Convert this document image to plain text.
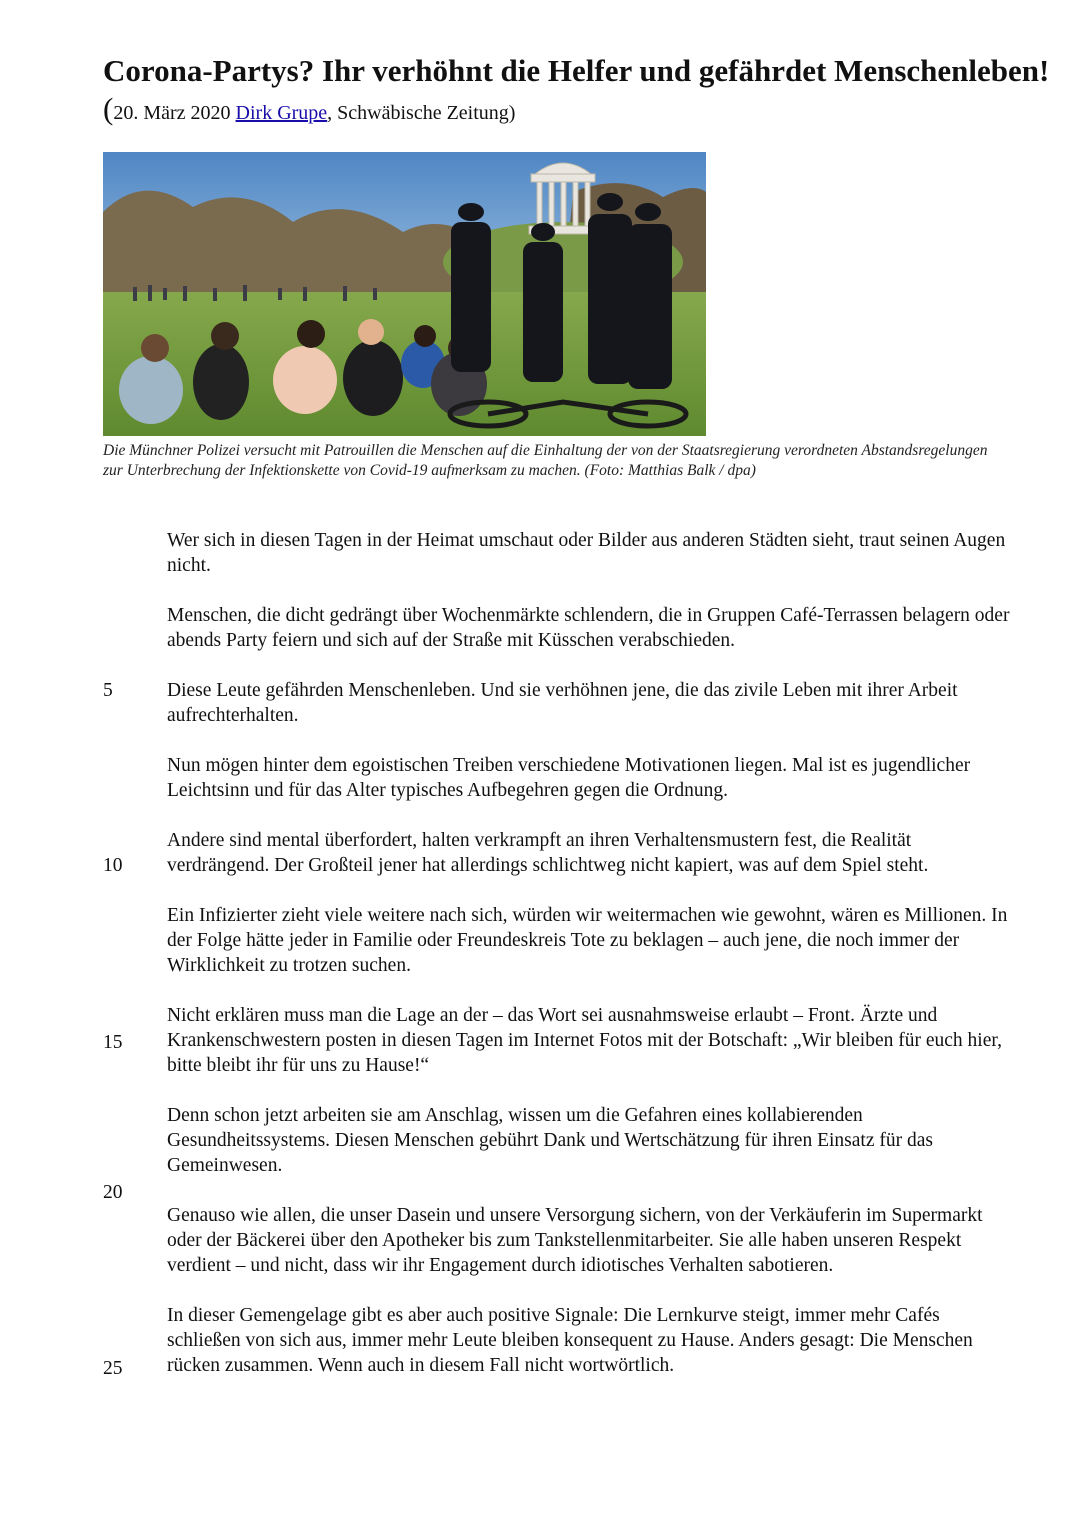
Corona-Partys? Ihr verhöhnt die Helfer und gefährdet Menschenleben! (20. März 2020 Dirk Grupe, Schwäbische Zeitung)
Die Münchner Polizei versucht mit Patrouillen die Menschen auf die Einhaltung der von der Staatsregierung verordneten Abstandsregelungen zur Unterbrechung der Infektionskette von Covid-19 aufmerksam zu machen. (Foto: Matthias Balk / dpa)

Wer sich in diesen Tagen in der Heimat umschaut oder Bilder aus anderen Städten sieht, traut seinen Augen nicht.

Menschen, die dicht gedrängt über Wochenmärkte schlendern, die in Gruppen Café-Terrassen belagern oder abends Party feiern und sich auf der Straße mit Küsschen verabschieden.

Diese Leute gefährden Menschenleben. Und sie verhöhnen jene, die das zivile Leben mit ihrer Arbeit aufrechterhalten.

Nun mögen hinter dem egoistischen Treiben verschiedene Motivationen liegen. Mal ist es jugendlicher Leichtsinn und für das Alter typisches Aufbegehren gegen die Ordnung.

Andere sind mental überfordert, halten verkrampft an ihren Verhaltensmustern fest, die Realität verdrängend. Der Großteil jener hat allerdings schlichtweg nicht kapiert, was auf dem Spiel steht.

Ein Infizierter zieht viele weitere nach sich, würden wir weitermachen wie gewohnt, wären es Millionen. In der Folge hätte jeder in Familie oder Freundeskreis Tote zu beklagen – auch jene, die noch immer der Wirklichkeit zu trotzen suchen.

Nicht erklären muss man die Lage an der – das Wort sei ausnahmsweise erlaubt – Front. Ärzte und Krankenschwestern posten in diesen Tagen im Internet Fotos mit der Botschaft: „Wir bleiben für euch hier, bitte bleibt ihr für uns zu Hause!“

Denn schon jetzt arbeiten sie am Anschlag, wissen um die Gefahren eines kollabierenden Gesundheitssystems. Diesen Menschen gebührt Dank und Wertschätzung für ihren Einsatz für das Gemeinwesen.

Genauso wie allen, die unser Dasein und unsere Versorgung sichern, von der Verkäuferin im Supermarkt oder der Bäckerei über den Apotheker bis zum Tankstellenmitarbeiter. Sie alle haben unseren Respekt verdient – und nicht, dass wir ihr Engagement durch idiotisches Verhalten sabotieren.

In dieser Gemengelage gibt es aber auch positive Signale: Die Lernkurve steigt, immer mehr Cafés schließen von sich aus, immer mehr Leute bleiben konsequent zu Hause. Anders gesagt: Die Menschen rücken zusammen. Wenn auch in diesem Fall nicht wortwörtlich.

5
10
15
20
25
